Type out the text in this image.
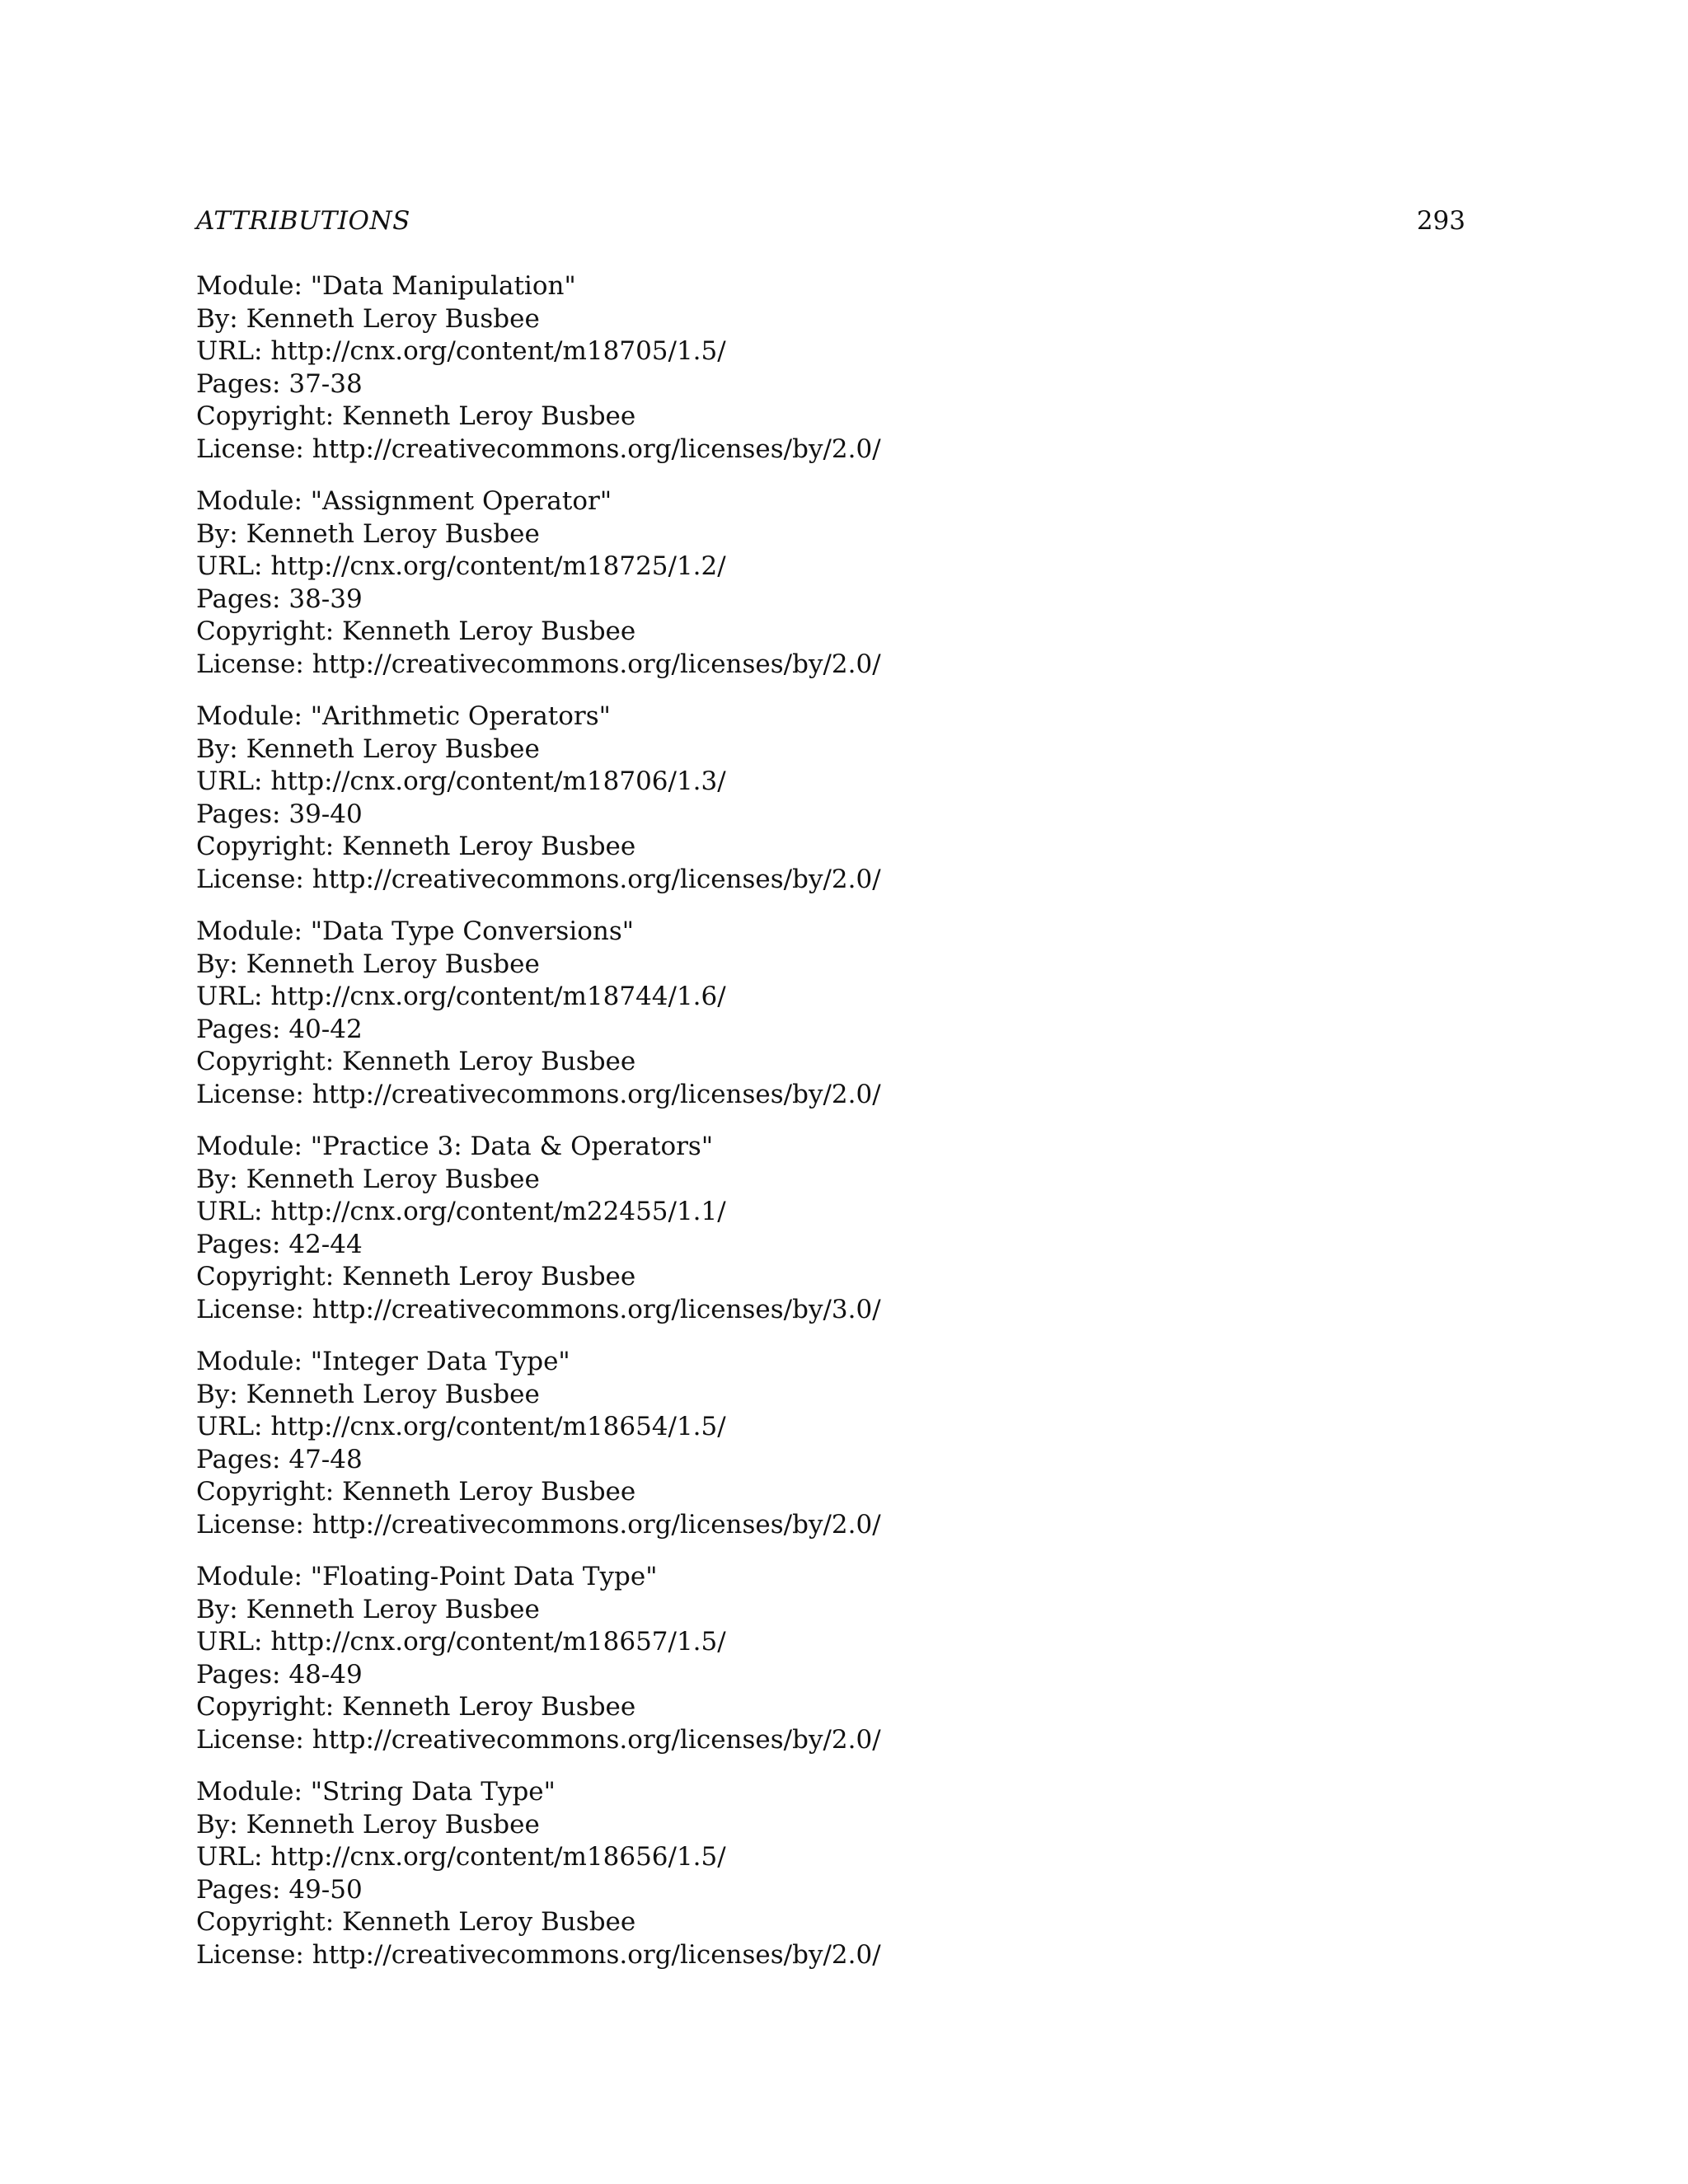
ATTRIBUTIONS	293
Module: "Data Manipulation"
By: Kenneth Leroy Busbee
URL: http://cnx.org/content/m18705/1.5/
Pages: 37-38
Copyright: Kenneth Leroy Busbee
License: http://creativecommons.org/licenses/by/2.0/
Module: "Assignment Operator"
By: Kenneth Leroy Busbee
URL: http://cnx.org/content/m18725/1.2/
Pages: 38-39
Copyright: Kenneth Leroy Busbee
License: http://creativecommons.org/licenses/by/2.0/
Module: "Arithmetic Operators"
By: Kenneth Leroy Busbee
URL: http://cnx.org/content/m18706/1.3/
Pages: 39-40
Copyright: Kenneth Leroy Busbee
License: http://creativecommons.org/licenses/by/2.0/
Module: "Data Type Conversions"
By: Kenneth Leroy Busbee
URL: http://cnx.org/content/m18744/1.6/
Pages: 40-42
Copyright: Kenneth Leroy Busbee
License: http://creativecommons.org/licenses/by/2.0/
Module: "Practice 3: Data & Operators"
By: Kenneth Leroy Busbee
URL: http://cnx.org/content/m22455/1.1/
Pages: 42-44
Copyright: Kenneth Leroy Busbee
License: http://creativecommons.org/licenses/by/3.0/
Module: "Integer Data Type"
By: Kenneth Leroy Busbee
URL: http://cnx.org/content/m18654/1.5/
Pages: 47-48
Copyright: Kenneth Leroy Busbee
License: http://creativecommons.org/licenses/by/2.0/
Module: "Floating-Point Data Type"
By: Kenneth Leroy Busbee
URL: http://cnx.org/content/m18657/1.5/
Pages: 48-49
Copyright: Kenneth Leroy Busbee
License: http://creativecommons.org/licenses/by/2.0/
Module: "String Data Type"
By: Kenneth Leroy Busbee
URL: http://cnx.org/content/m18656/1.5/
Pages: 49-50
Copyright: Kenneth Leroy Busbee
License: http://creativecommons.org/licenses/by/2.0/
